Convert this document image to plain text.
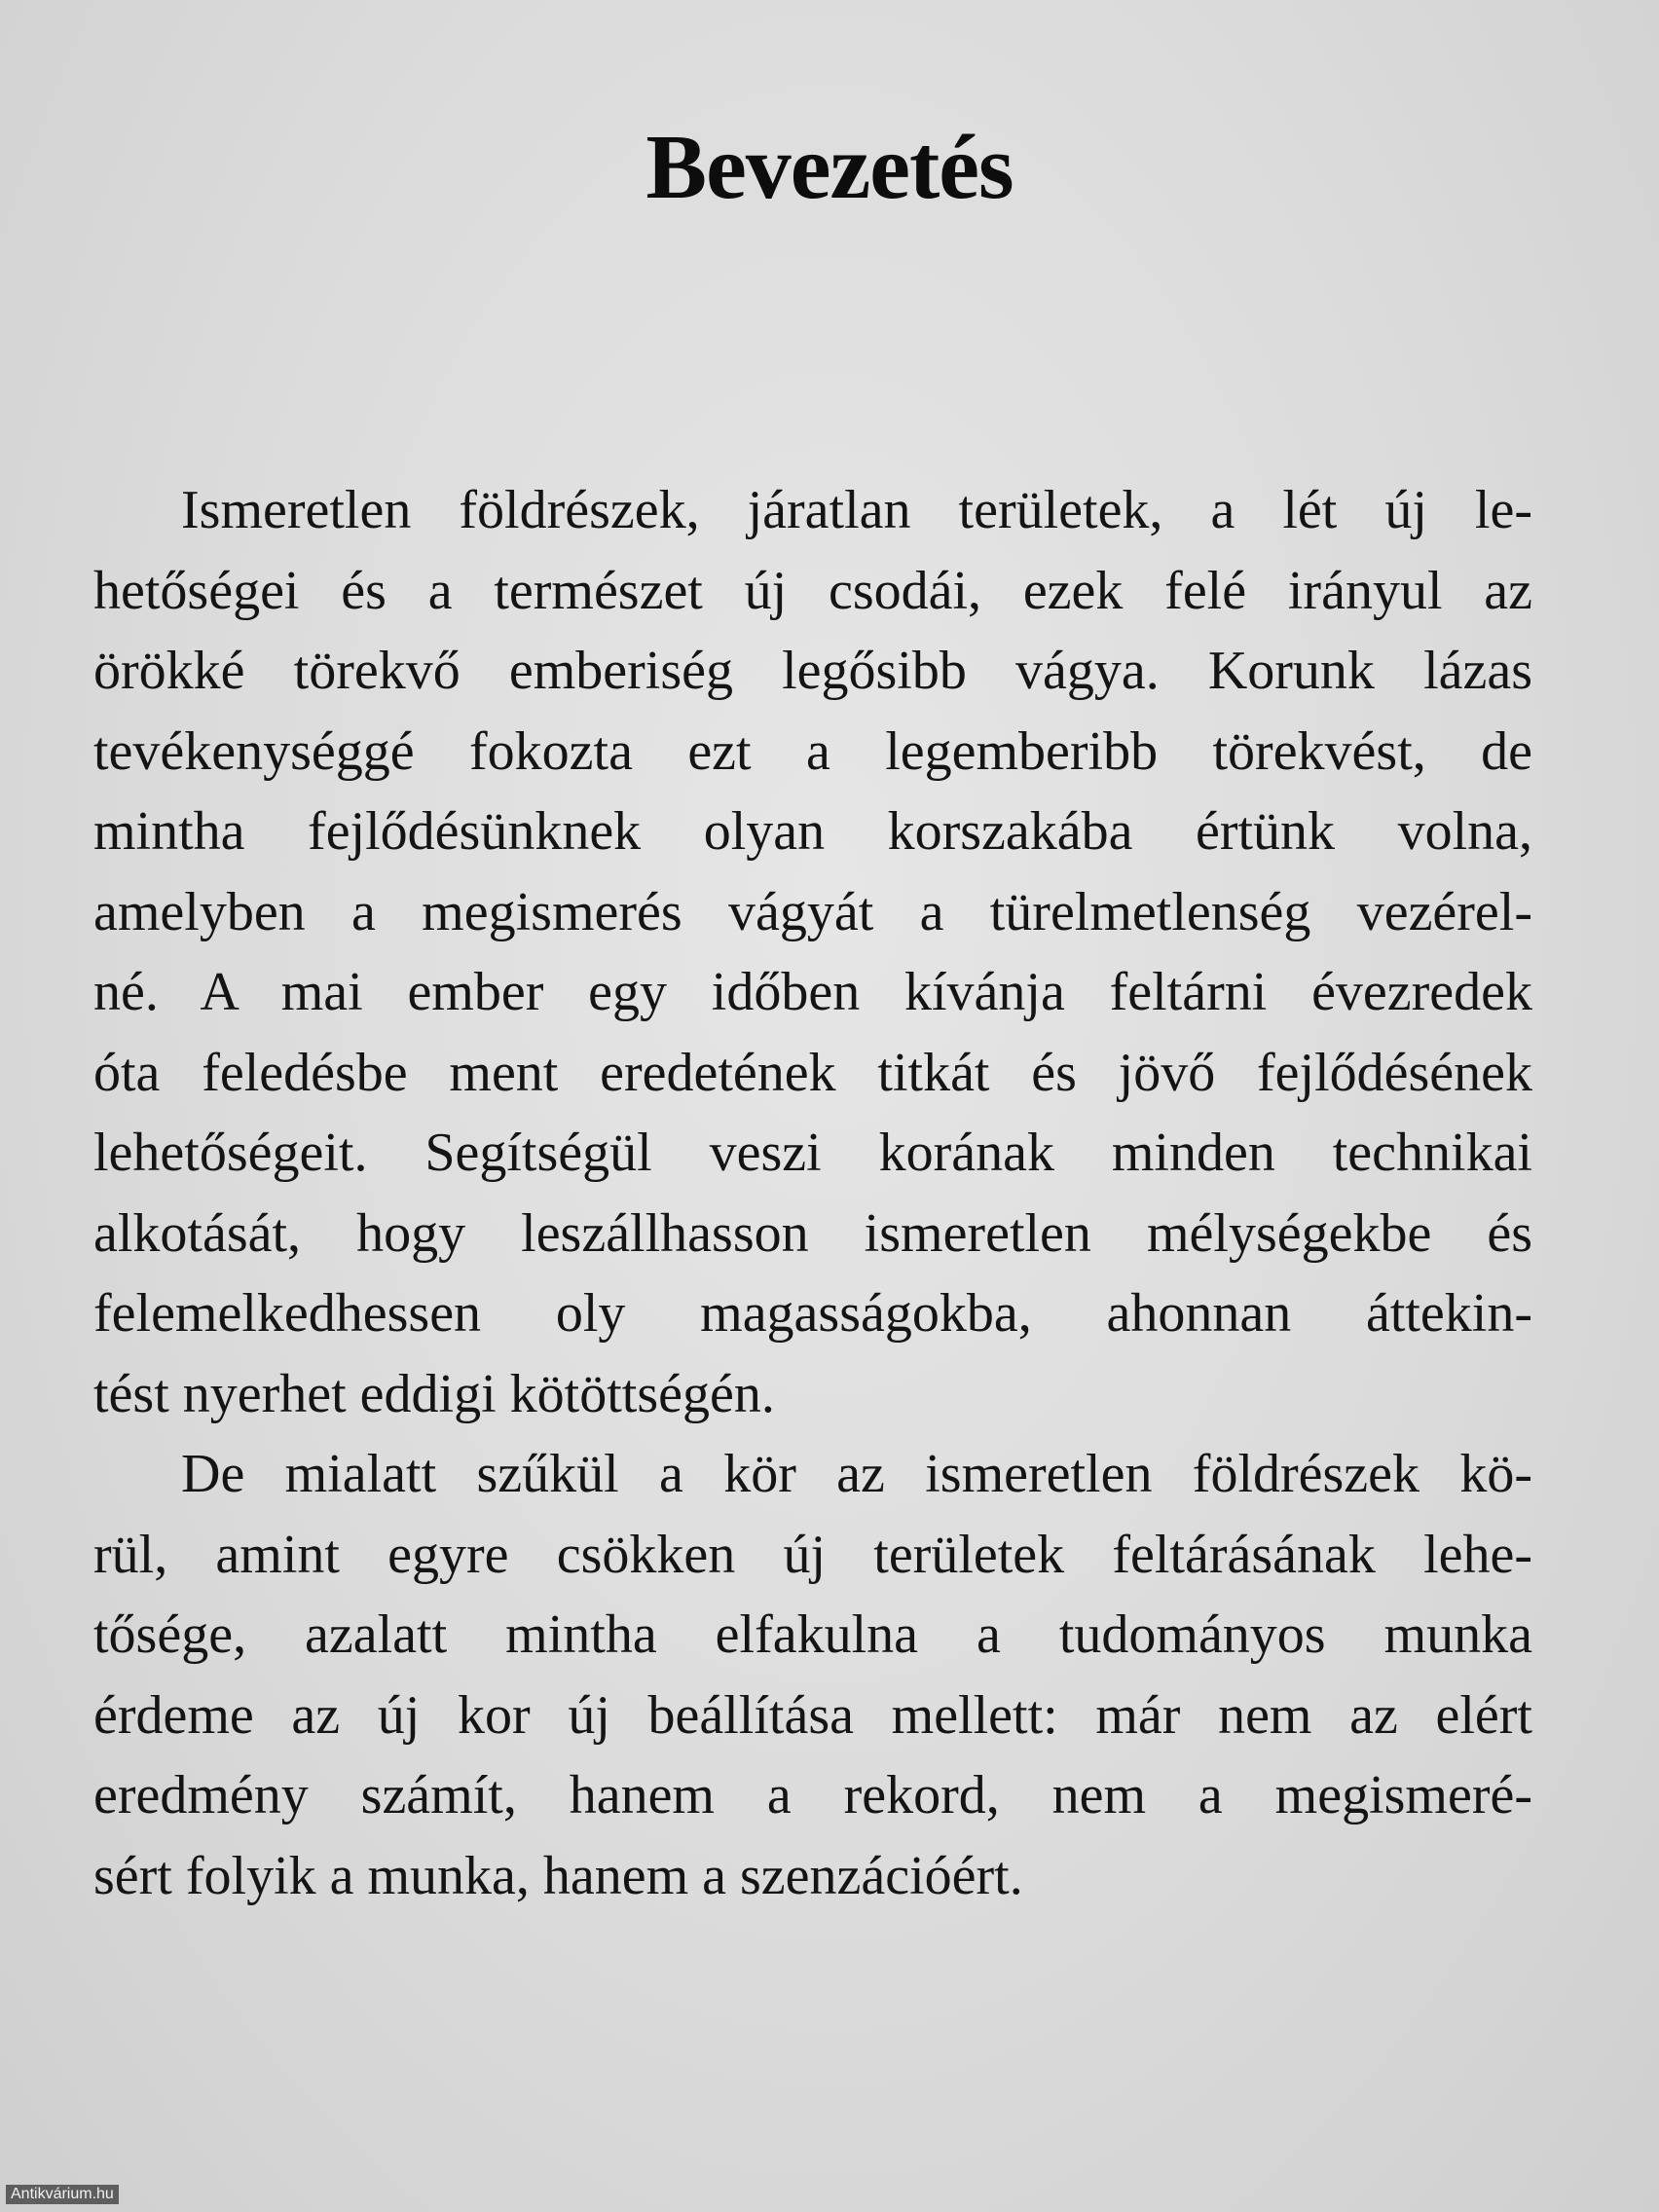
Bevezetés
Ismeretlen földrészek, járatlan területek, a lét új le-
hetőségei és a természet új csodái, ezek felé irányul az
örökké törekvő emberiség legősibb vágya. Korunk lázas
tevékenységgé fokozta ezt a legemberibb törekvést, de
mintha fejlődésünknek olyan korszakába értünk volna,
amelyben a megismerés vágyát a türelmetlenség vezérel-
né. A mai ember egy időben kívánja feltárni évezredek
óta feledésbe ment eredetének titkát és jövő fejlődésének
lehetőségeit. Segítségül veszi korának minden technikai
alkotását, hogy leszállhasson ismeretlen mélységekbe és
felemelkedhessen oly magasságokba, ahonnan áttekin-
tést nyerhet eddigi kötöttségén.
De mialatt szűkül a kör az ismeretlen földrészek kö-
rül, amint egyre csökken új területek feltárásának lehe-
tősége, azalatt mintha elfakulna a tudományos munka
érdeme az új kor új beállítása mellett: már nem az elért
eredmény számít, hanem a rekord, nem a megismeré-
sért folyik a munka, hanem a szenzációért.
Antikvárium.hu
